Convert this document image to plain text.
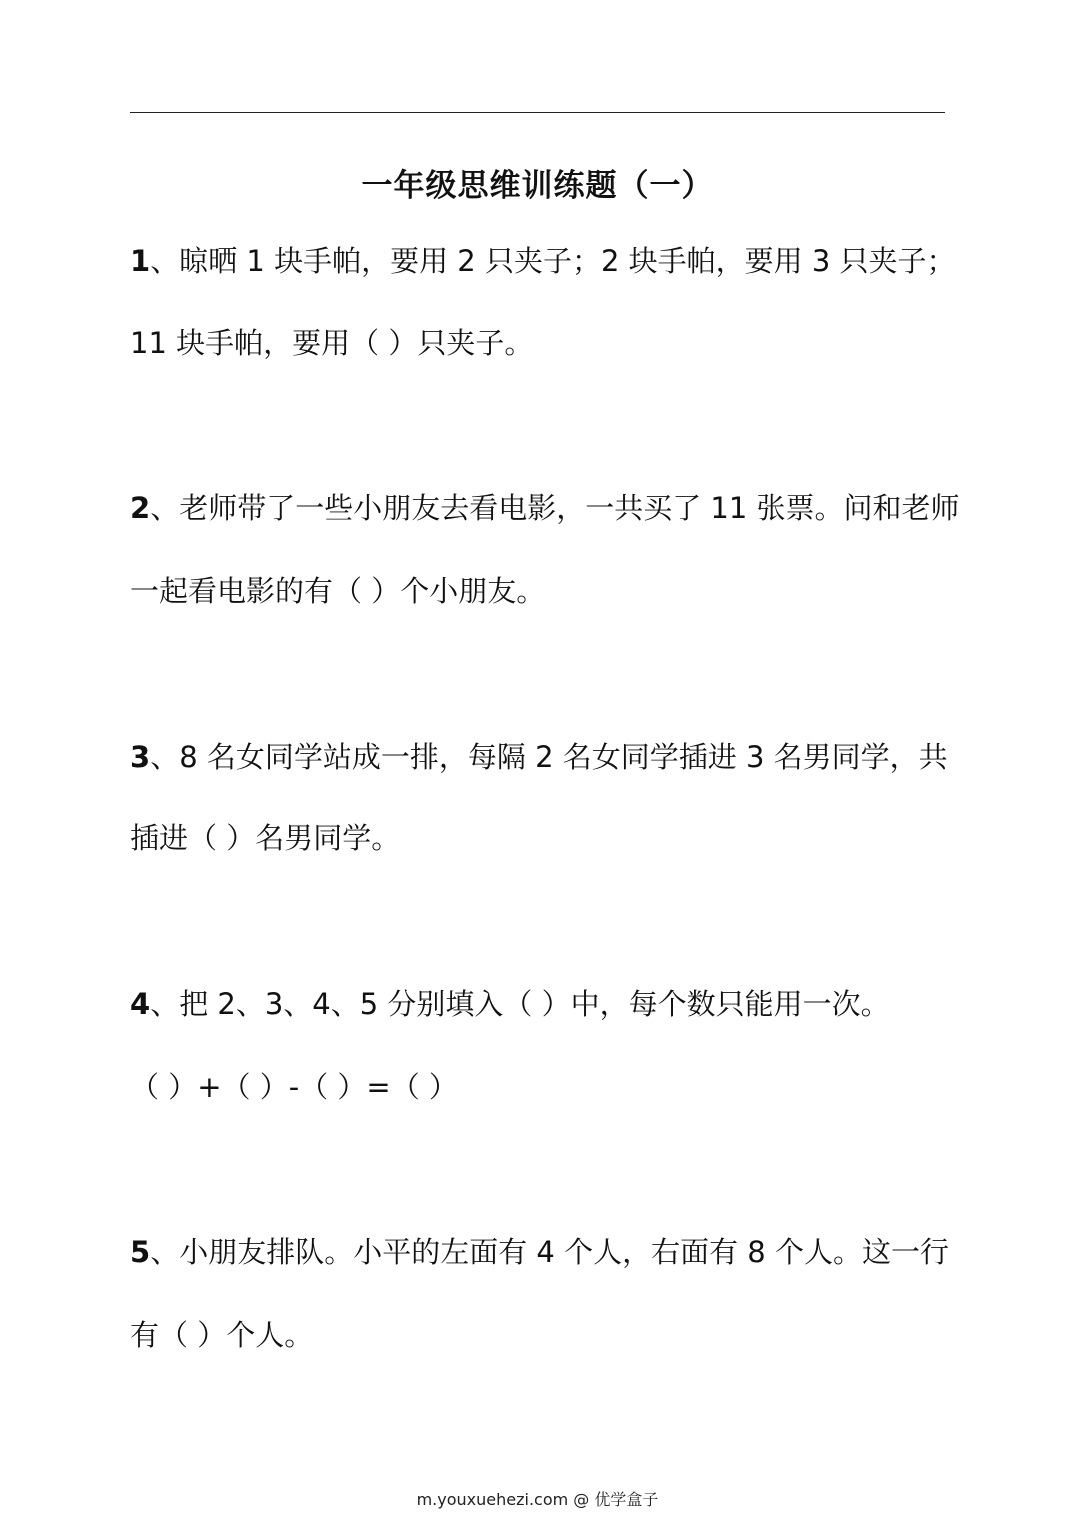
一年级思维训练题（一）
1、晾晒 1 块手帕，要用 2 只夹子；2 块手帕，要用 3 只夹子；
11 块手帕，要用（ ）只夹子。
2、老师带了一些小朋友去看电影，一共买了 11 张票。问和老师
一起看电影的有（ ）个小朋友。
3、8 名女同学站成一排，每隔 2 名女同学插进 3 名男同学，共
插进（ ）名男同学。
4、把 2、3、4、5 分别填入（ ）中，每个数只能用一次。
（ ）+（ ）-（ ）=（ ）
5、小朋友排队。小平的左面有 4 个人，右面有 8 个人。这一行
有（ ）个人。
m.youxuehezi.com @ 优学盒子
